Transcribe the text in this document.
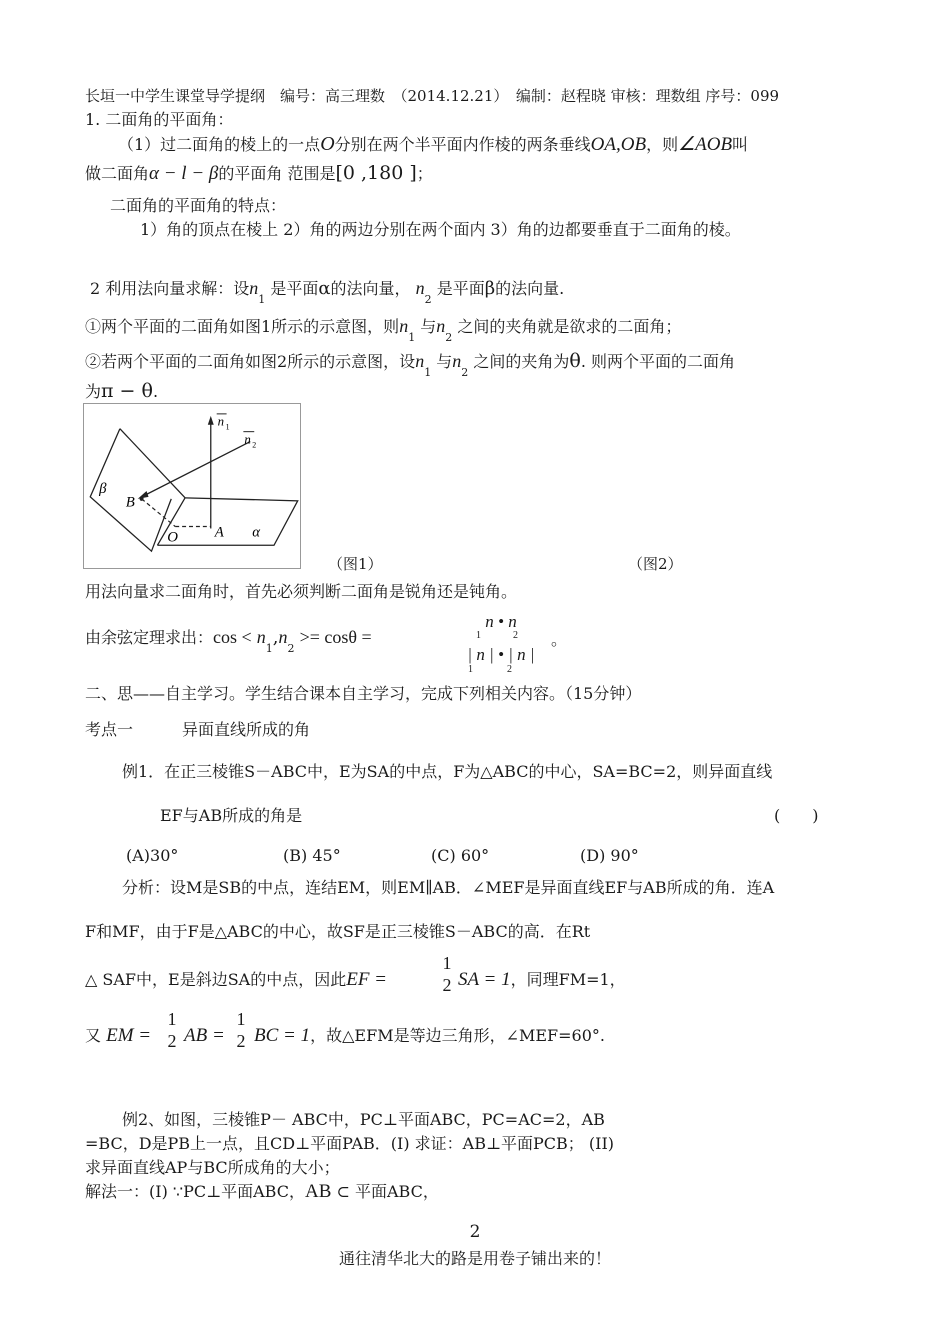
长垣一中学生课堂导学提纲　编号：高三理数　（2014.12.21）　编制：赵程晓 审核：理数组 序号：099
1. 二面角的平面角：
（1）过二面角的棱上的一点O分别在两个半平面内作棱的两条垂线OA,OB，则∠AOB叫
做二面角α − l − β的平面角 范围是[0 ,180 ]；
二面角的平面角的特点：
1）角的顶点在棱上 2）角的两边分别在两个面内 3）角的边都要垂直于二面角的棱。
2 利用法向量求解：设$n_1$ 是平面α的法向量， $n_2$ 是平面β的法向量.
①两个平面的二面角如图1所示的示意图，则$n_1$ 与$n_2$ 之间的夹角就是欲求的二面角；
②若两个平面的二面角如图2所示的示意图，设$n_1$ 与$n_2$ 之间的夹角为θ. 则两个平面的二面角
为π − θ.
n 1
n 2
β
B
A
O	α
（图1）	（图2）
用法向量求二面角时，首先必须判断二面角是锐角还是钝角。
由余弦定理求出：$\cos < n_1,n_2 >= \cos\theta$ =
n • n
12
| n | • | n |
12
。
二、思——自主学习。学生结合课本自主学习，完成下列相关内容。（15分钟）
考点一	异面直线所成的角
例1．在正三棱锥S－ABC中，E为SA的中点，F为△ABC的中心，SA=BC=2，则异面直线
EF与AB所成的角是	(　　)
(A)30°	(B) 45°	(C) 60°	(D) 90°
分析：设M是SB的中点，连结EM，则EM∥AB．∠MEF是异面直线EF与AB所成的角．连A
F和MF，由于F是△ABC的中心，故SF是正三棱锥S－ABC的高．在Rt
△ SAF中，E是斜边SA的中点，因此EF =
1
2 SA = 1，同理FM=1，
又 EM =
1
2 AB =
1
2 BC = 1，故△EFM是等边三角形，∠MEF=60°.
例2、如图，三棱锥P－ ABC中，PC⊥平面ABC，PC=AC=2，AB
=BC，D是PB上一点，且CD⊥平面PAB．(I) 求证：AB⊥平面PCB； (II)
求异面直线AP与BC所成角的大小；
解法一：(I) ∵PC⊥平面ABC，AB ⊂ 平面ABC，
2
通往清华北大的路是用卷子铺出来的！
